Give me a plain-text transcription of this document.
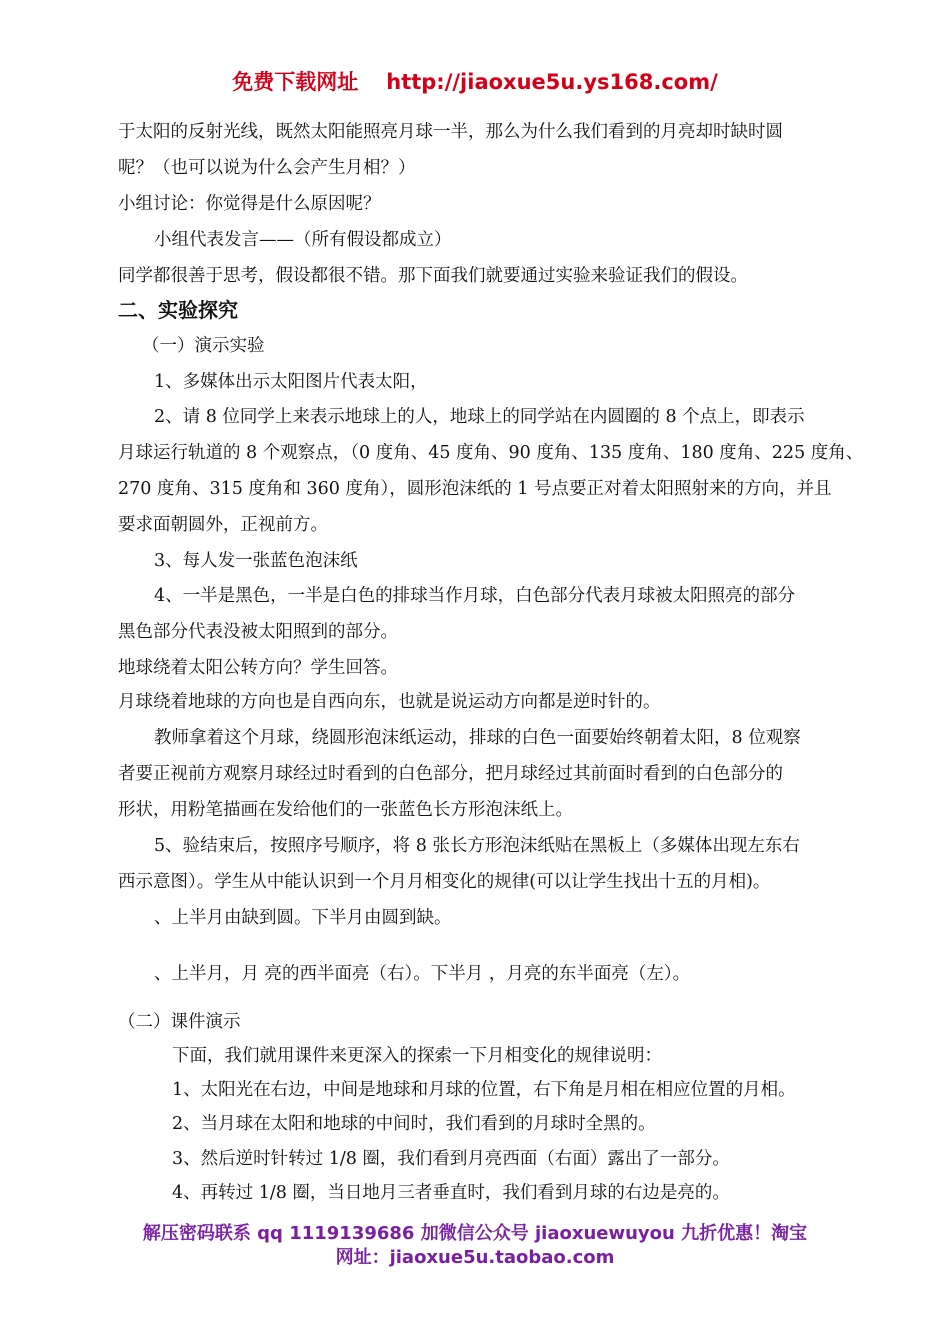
免费下载网址 http://jiaoxue5u.ys168.com/
于太阳的反射光线，既然太阳能照亮月球一半，那么为什么我们看到的月亮却时缺时圆
呢？（也可以说为什么会产生月相？）
小组讨论：你觉得是什么原因呢？
小组代表发言——（所有假设都成立）
同学都很善于思考，假设都很不错。那下面我们就要通过实验来验证我们的假设。
二、实验探究
（一）演示实验
1、多媒体出示太阳图片代表太阳，
2、请 8 位同学上来表示地球上的人，地球上的同学站在内圆圈的 8 个点上，即表示
月球运行轨道的 8 个观察点，（0 度角、45 度角、90 度角、135 度角、180 度角、225 度角、
270 度角、315 度角和 360 度角），圆形泡沫纸的 1 号点要正对着太阳照射来的方向，并且
要求面朝圆外，正视前方。
3、每人发一张蓝色泡沫纸
4、一半是黑色，一半是白色的排球当作月球，白色部分代表月球被太阳照亮的部分
黑色部分代表没被太阳照到的部分。
地球绕着太阳公转方向？学生回答。
月球绕着地球的方向也是自西向东，也就是说运动方向都是逆时针的。
教师拿着这个月球，绕圆形泡沫纸运动，排球的白色一面要始终朝着太阳，8 位观察
者要正视前方观察月球经过时看到的白色部分，把月球经过其前面时看到的白色部分的
形状，用粉笔描画在发给他们的一张蓝色长方形泡沫纸上。
5、验结束后，按照序号顺序，将 8 张长方形泡沫纸贴在黑板上（多媒体出现左东右
西示意图）。学生从中能认识到一个月月相变化的规律(可以让学生找出十五的月相)。
、上半月由缺到圆。下半月由圆到缺。
、上半月，月 亮的西半面亮（右）。下半月 ，月亮的东半面亮（左）。
（二）课件演示
下面，我们就用课件来更深入的探索一下月相变化的规律说明：
1、太阳光在右边，中间是地球和月球的位置，右下角是月相在相应位置的月相。
2、当月球在太阳和地球的中间时，我们看到的月球时全黑的。
3、然后逆时针转过 1/8 圈，我们看到月亮西面（右面）露出了一部分。
4、再转过 1/8 圈，当日地月三者垂直时，我们看到月球的右边是亮的。
解压密码联系 qq 1119139686 加微信公众号 jiaoxuewuyou 九折优惠！淘宝
网址：jiaoxue5u.taobao.com
